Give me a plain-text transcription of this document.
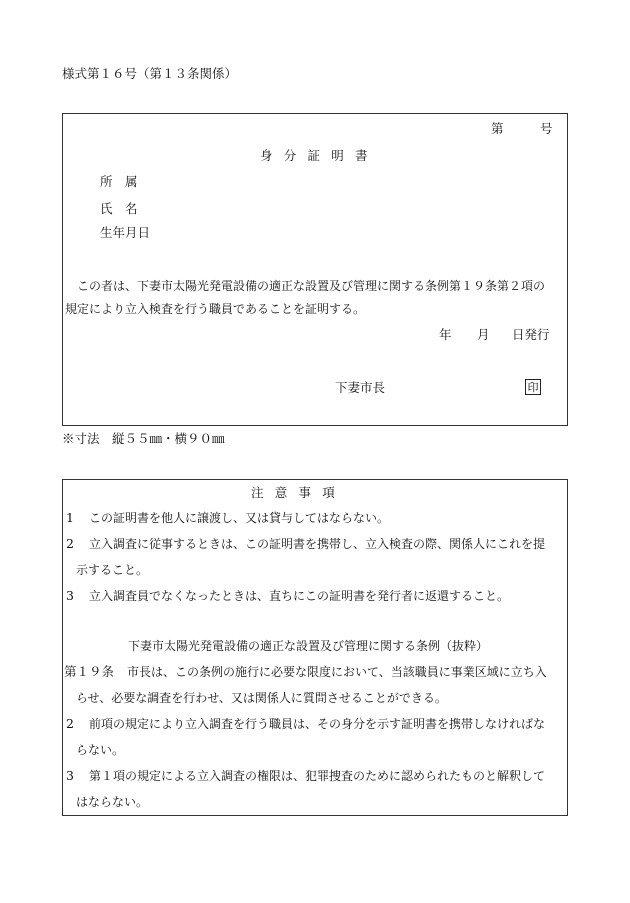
様式第１６号（第１３条関係）
第	号
身分証明書
所　属
氏　名
生年月日
この者は、下妻市太陽光発電設備の適正な設置及び管理に関する条例第１９条第２項の
規定により立入検査を行う職員であることを証明する。
年 月 日発行
下妻市長	印
※寸法　縦５５㎜・横９０㎜
注意事項
1 この証明書を他人に譲渡し、又は貸与してはならない。
2 立入調査に従事するときは、この証明書を携帯し、立入検査の際、関係人にこれを提
示すること。
3 立入調査員でなくなったときは、直ちにこの証明書を発行者に返還すること。
下妻市太陽光発電設備の適正な設置及び管理に関する条例（抜粋）
第１９条 市長は、この条例の施行に必要な限度において、当該職員に事業区域に立ち入
らせ、必要な調査を行わせ、又は関係人に質問させることができる。
2 前項の規定により立入調査を行う職員は、その身分を示す証明書を携帯しなければな
らない。
3 第１項の規定による立入調査の権限は、犯罪捜査のために認められたものと解釈して
はならない。
